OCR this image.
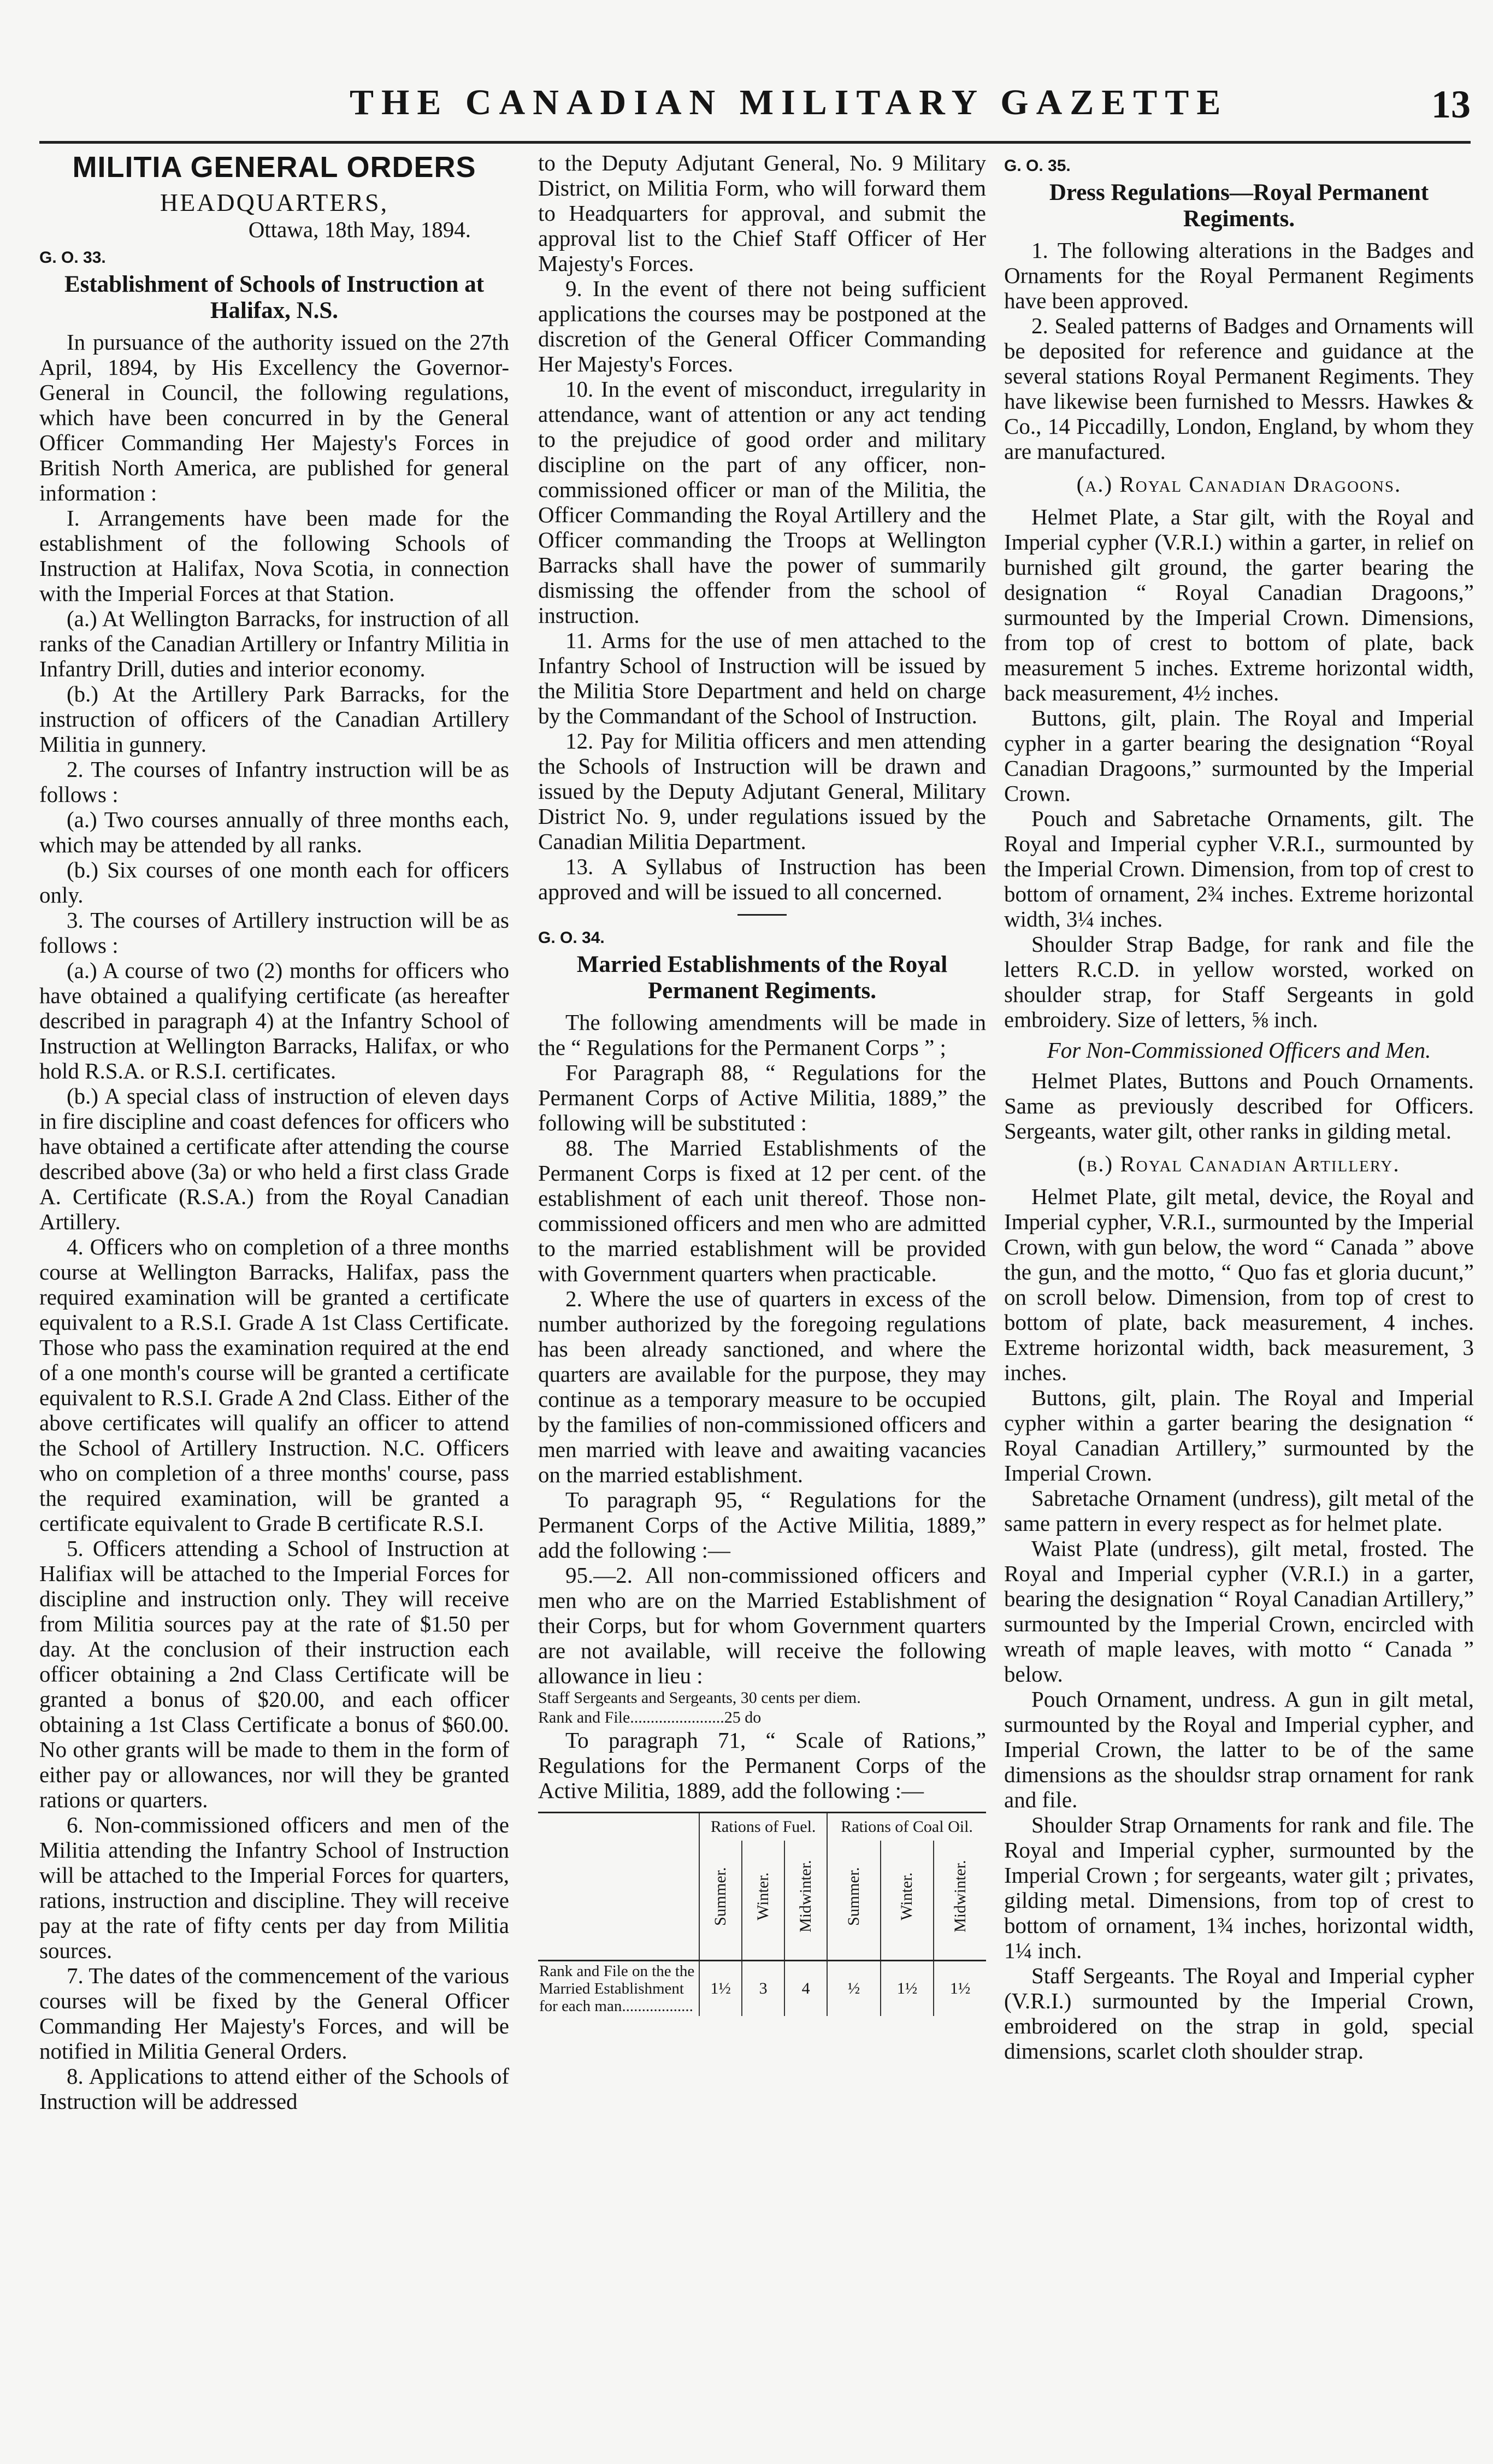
THE CANADIAN MILITARY GAZETTE	13
MILITIA GENERAL ORDERS
HEADQUARTERS,
Ottawa, 18th May, 1894.
G. O. 33.
Establishment of Schools of Instruction at Halifax, N.S.

In pursuance of the authority issued on the 27th April, 1894, by His Excellency the Governor-General in Council, the following regulations, which have been concurred in by the General Officer Commanding Her Majesty's Forces in British North America, are published for general information :

I. Arrangements have been made for the establishment of the following Schools of Instruction at Halifax, Nova Scotia, in connection with the Imperial Forces at that Station.

(a.) At Wellington Barracks, for instruction of all ranks of the Canadian Artillery or Infantry Militia in Infantry Drill, duties and interior economy.

(b.) At the Artillery Park Barracks, for the instruction of officers of the Canadian Artillery Militia in gunnery.

2. The courses of Infantry instruction will be as follows :

(a.) Two courses annually of three months each, which may be attended by all ranks.

(b.) Six courses of one month each for officers only.

3. The courses of Artillery instruction will be as follows :

(a.) A course of two (2) months for officers who have obtained a qualifying certificate (as hereafter described in paragraph 4) at the Infantry School of Instruction at Wellington Barracks, Halifax, or who hold R.S.A. or R.S.I. certificates.

(b.) A special class of instruction of eleven days in fire discipline and coast defences for officers who have obtained a certificate after attending the course described above (3a) or who held a first class Grade A. Certificate (R.S.A.) from the Royal Canadian Artillery.

4. Officers who on completion of a three months course at Wellington Barracks, Halifax, pass the required examination will be granted a certificate equivalent to a R.S.I. Grade A 1st Class Certificate. Those who pass the examination required at the end of a one month's course will be granted a certificate equivalent to R.S.I. Grade A 2nd Class. Either of the above certificates will qualify an officer to attend the School of Artillery Instruction. N.C. Officers who on completion of a three months' course, pass the required examination, will be granted a certificate equivalent to Grade B certificate R.S.I.

5. Officers attending a School of Instruction at Halifiax will be attached to the Imperial Forces for discipline and instruction only. They will receive from Militia sources pay at the rate of $1.50 per day. At the conclusion of their instruction each officer obtaining a 2nd Class Certificate will be granted a bonus of $20.00, and each officer obtaining a 1st Class Certificate a bonus of $60.00. No other grants will be made to them in the form of either pay or allowances, nor will they be granted rations or quarters.

6. Non-commissioned officers and men of the Militia attending the Infantry School of Instruction will be attached to the Imperial Forces for quarters, rations, instruction and discipline. They will receive pay at the rate of fifty cents per day from Militia sources.

7. The dates of the commencement of the various courses will be fixed by the General Officer Commanding Her Majesty's Forces, and will be notified in Militia General Orders.

8. Applications to attend either of the Schools of Instruction will be addressed

to the Deputy Adjutant General, No. 9 Military District, on Militia Form, who will forward them to Headquarters for approval, and submit the approval list to the Chief Staff Officer of Her Majesty's Forces.

9. In the event of there not being sufficient applications the courses may be postponed at the discretion of the General Officer Commanding Her Majesty's Forces.

10. In the event of misconduct, irregularity in attendance, want of attention or any act tending to the prejudice of good order and military discipline on the part of any officer, non-commissioned officer or man of the Militia, the Officer Commanding the Royal Artillery and the Officer commanding the Troops at Wellington Barracks shall have the power of summarily dismissing the offender from the school of instruction.

11. Arms for the use of men attached to the Infantry School of Instruction will be issued by the Militia Store Department and held on charge by the Commandant of the School of Instruction.

12. Pay for Militia officers and men attending the Schools of Instruction will be drawn and issued by the Deputy Adjutant General, Military District No. 9, under regulations issued by the Canadian Militia Department.

13. A Syllabus of Instruction has been approved and will be issued to all concerned.

G. O. 34.
Married Establishments of the Royal Permanent Regiments.

The following amendments will be made in the “ Regulations for the Permanent Corps ” ;

For Paragraph 88, “ Regulations for the Permanent Corps of Active Militia, 1889,” the following will be substituted :

88. The Married Establishments of the Permanent Corps is fixed at 12 per cent. of the establishment of each unit thereof. Those non-commissioned officers and men who are admitted to the married establishment will be provided with Government quarters when practicable.

2. Where the use of quarters in excess of the number authorized by the foregoing regulations has been already sanctioned, and where the quarters are available for the purpose, they may continue as a temporary measure to be occupied by the families of non-commissioned officers and men married with leave and awaiting vacancies on the married establishment.

To paragraph 95, “ Regulations for the Permanent Corps of the Active Militia, 1889,” add the following :—

95.—2. All non-commissioned officers and men who are on the Married Establishment of their Corps, but for whom Government quarters are not available, will receive the following allowance in lieu :

Staff Sergeants and Sergeants, 30 cents per diem.
Rank and File.......................25 do

To paragraph 71, “ Scale of Rations,” Regulations for the Permanent Corps of the Active Militia, 1889, add the following :—

	Rations of Fuel.			Rations of Coal Oil.		
	Summer.	Winter.	Midwinter.	Summer.	Winter.	Midwinter.
Rank and File on the the Married Establishment for each man..................	1½	3	4	½	1½	1½
G. O. 35.
Dress Regulations—Royal Permanent Regiments.

1. The following alterations in the Badges and Ornaments for the Royal Permanent Regiments have been approved.

2. Sealed patterns of Badges and Ornaments will be deposited for reference and guidance at the several stations Royal Permanent Regiments. They have likewise been furnished to Messrs. Hawkes & Co., 14 Piccadilly, London, England, by whom they are manufactured.

(a.) Royal Canadian Dragoons.

Helmet Plate, a Star gilt, with the Royal and Imperial cypher (V.R.I.) within a garter, in relief on burnished gilt ground, the garter bearing the designation “ Royal Canadian Dragoons,” surmounted by the Imperial Crown. Dimensions, from top of crest to bottom of plate, back measurement 5 inches. Extreme horizontal width, back measurement, 4½ inches.

Buttons, gilt, plain. The Royal and Imperial cypher in a garter bearing the designation “Royal Canadian Dragoons,” surmounted by the Imperial Crown.

Pouch and Sabretache Ornaments, gilt. The Royal and Imperial cypher V.R.I., surmounted by the Imperial Crown. Dimension, from top of crest to bottom of ornament, 2¾ inches. Extreme horizontal width, 3¼ inches.

Shoulder Strap Badge, for rank and file the letters R.C.D. in yellow worsted, worked on shoulder strap, for Staff Sergeants in gold embroidery. Size of letters, ⅝ inch.

For Non-Commissioned Officers and Men.

Helmet Plates, Buttons and Pouch Ornaments. Same as previously described for Officers. Sergeants, water gilt, other ranks in gilding metal.

(b.) Royal Canadian Artillery.

Helmet Plate, gilt metal, device, the Royal and Imperial cypher, V.R.I., surmounted by the Imperial Crown, with gun below, the word “ Canada ” above the gun, and the motto, “ Quo fas et gloria ducunt,” on scroll below. Dimension, from top of crest to bottom of plate, back measurement, 4 inches. Extreme horizontal width, back measurement, 3 inches.

Buttons, gilt, plain. The Royal and Imperial cypher within a garter bearing the designation “ Royal Canadian Artillery,” surmounted by the Imperial Crown.

Sabretache Ornament (undress), gilt metal of the same pattern in every respect as for helmet plate.

Waist Plate (undress), gilt metal, frosted. The Royal and Imperial cypher (V.R.I.) in a garter, bearing the designation “ Royal Canadian Artillery,” surmounted by the Imperial Crown, encircled with wreath of maple leaves, with motto “ Canada ” below.

Pouch Ornament, undress. A gun in gilt metal, surmounted by the Royal and Imperial cypher, and Imperial Crown, the latter to be of the same dimensions as the shouldsr strap ornament for rank and file.

Shoulder Strap Ornaments for rank and file. The Royal and Imperial cypher, surmounted by the Imperial Crown ; for sergeants, water gilt ; privates, gilding metal. Dimensions, from top of crest to bottom of ornament, 1¾ inches, horizontal width, 1¼ inch.

Staff Sergeants. The Royal and Imperial cypher (V.R.I.) surmounted by the Imperial Crown, embroidered on the strap in gold, special dimensions, scarlet cloth shoulder strap.
